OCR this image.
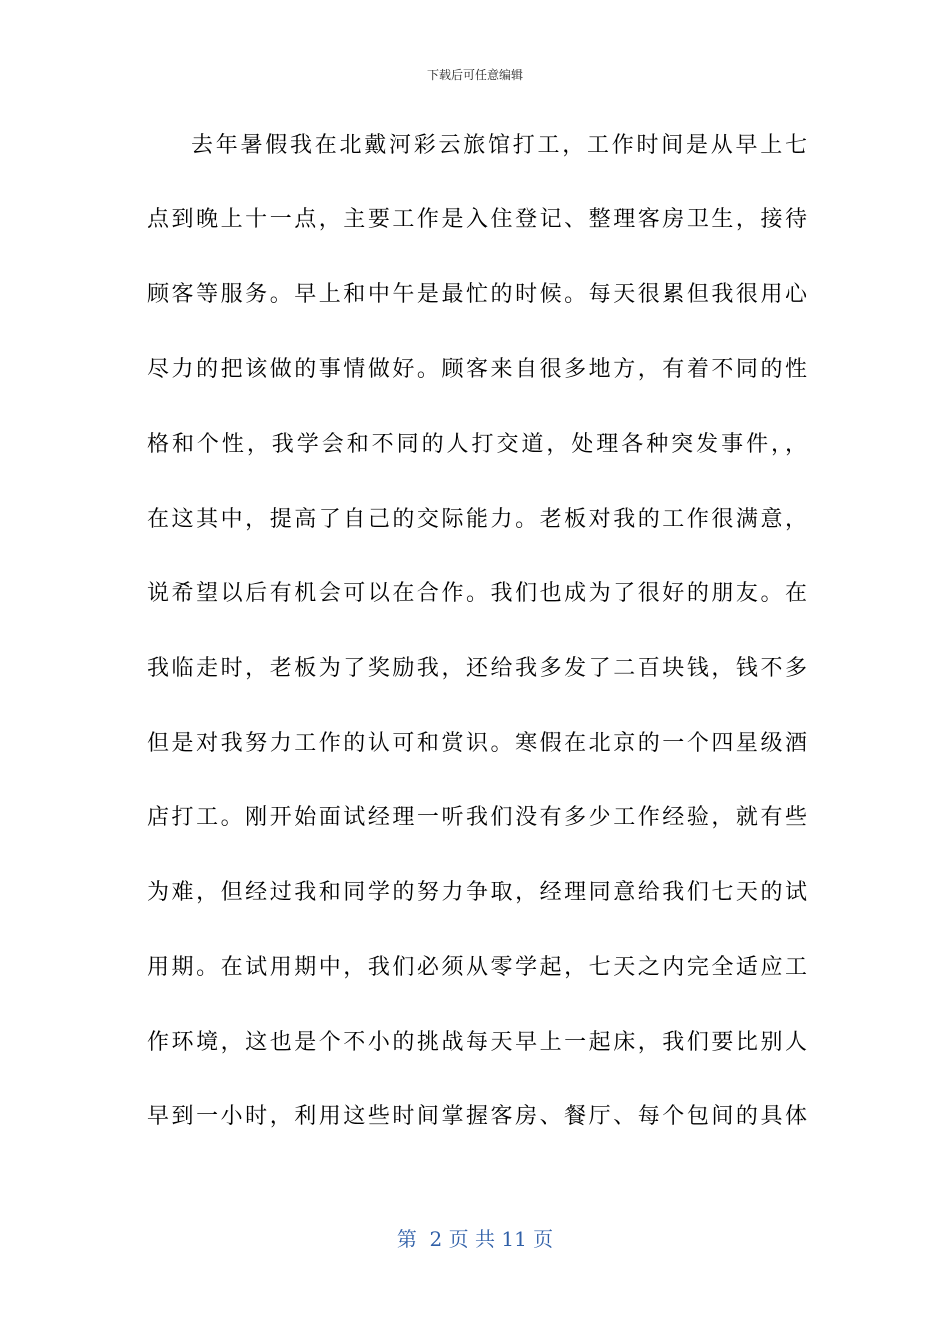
下载后可任意编辑
去年暑假我在北戴河彩云旅馆打工，工作时间是从早上七
点到晚上十一点，主要工作是入住登记、整理客房卫生，接待
顾客等服务。早上和中午是最忙的时候。每天很累但我很用心
尽力的把该做的事情做好。顾客来自很多地方，有着不同的性
格和个性，我学会和不同的人打交道，处理各种突发事件，，
在这其中，提高了自己的交际能力。老板对我的工作很满意，
说希望以后有机会可以在合作。我们也成为了很好的朋友。在
我临走时，老板为了奖励我，还给我多发了二百块钱，钱不多
但是对我努力工作的认可和赏识。寒假在北京的一个四星级酒
店打工。刚开始面试经理一听我们没有多少工作经验，就有些
为难，但经过我和同学的努力争取，经理同意给我们七天的试
用期。在试用期中，我们必须从零学起，七天之内完全适应工
作环境，这也是个不小的挑战每天早上一起床，我们要比别人
早到一小时，利用这些时间掌握客房、餐厅、每个包间的具体
第  2 页 共 11 页
